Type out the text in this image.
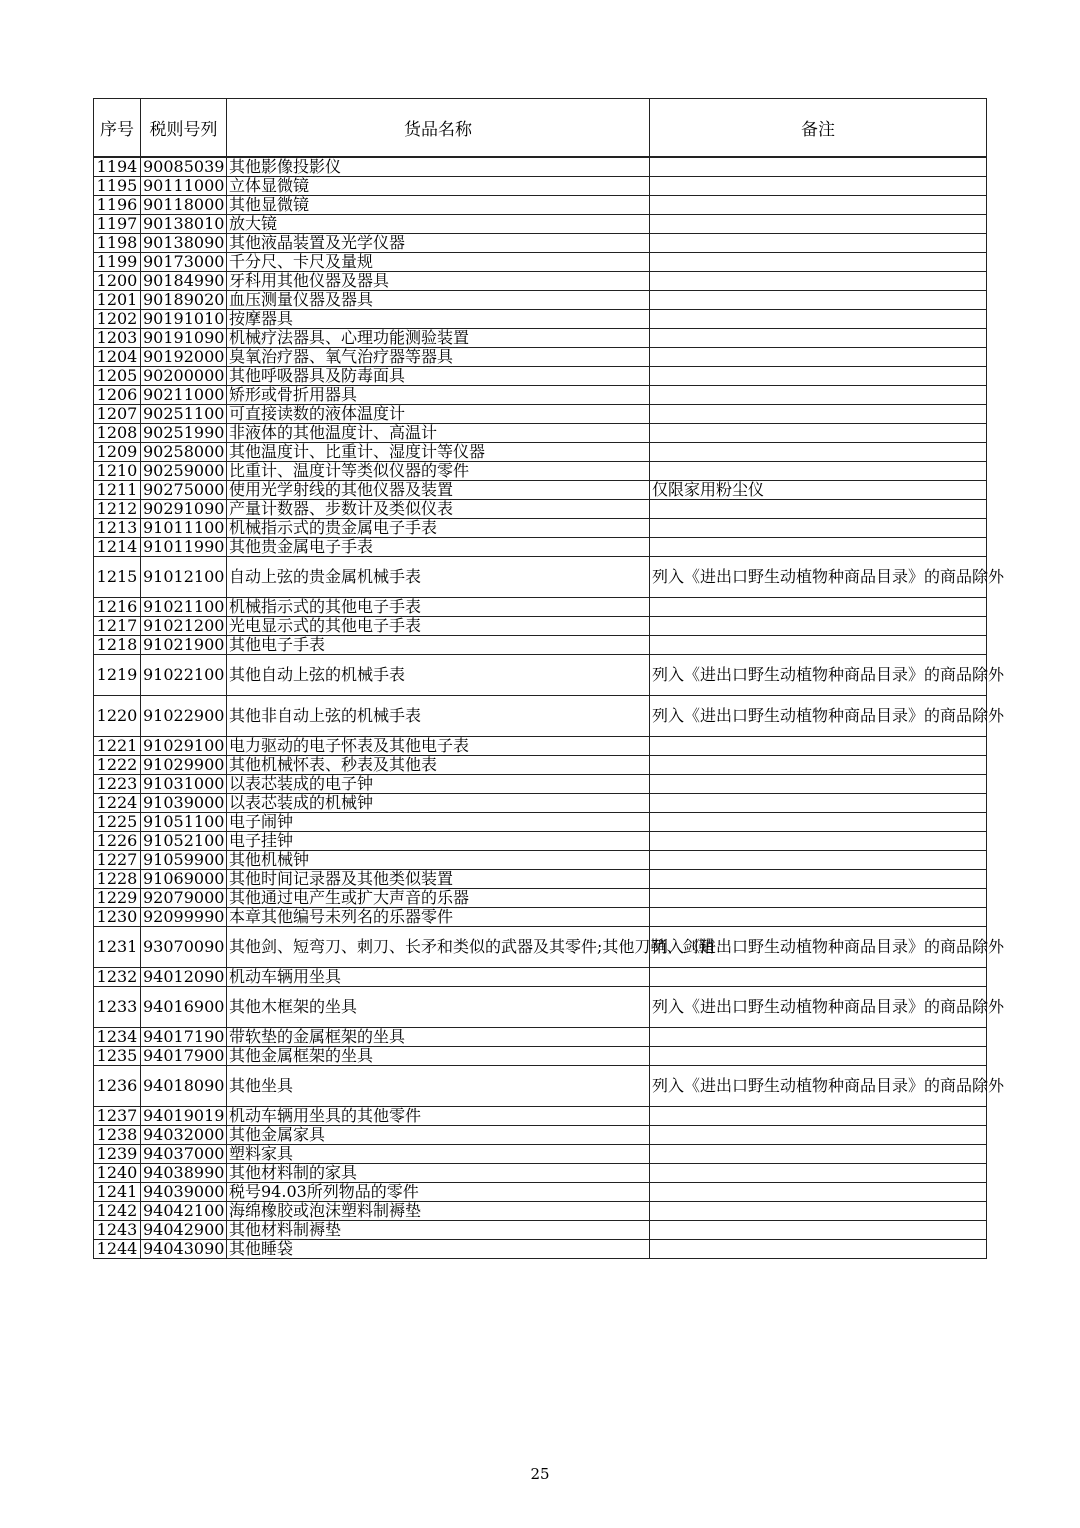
序号	税则号列	货品名称	备注
1194	90085039	其他影像投影仪	
1195	90111000	立体显微镜	
1196	90118000	其他显微镜	
1197	90138010	放大镜	
1198	90138090	其他液晶装置及光学仪器	
1199	90173000	千分尺、卡尺及量规	
1200	90184990	牙科用其他仪器及器具	
1201	90189020	血压测量仪器及器具	
1202	90191010	按摩器具	
1203	90191090	机械疗法器具、心理功能测验装置	
1204	90192000	臭氧治疗器、氧气治疗器等器具	
1205	90200000	其他呼吸器具及防毒面具	
1206	90211000	矫形或骨折用器具	
1207	90251100	可直接读数的液体温度计	
1208	90251990	非液体的其他温度计、高温计	
1209	90258000	其他温度计、比重计、湿度计等仪器	
1210	90259000	比重计、温度计等类似仪器的零件	
1211	90275000	使用光学射线的其他仪器及装置	仅限家用粉尘仪
1212	90291090	产量计数器、步数计及类似仪表	
1213	91011100	机械指示式的贵金属电子手表	
1214	91011990	其他贵金属电子手表	
1215	91012100	自动上弦的贵金属机械手表	列入《进出口野生动植物种商品目录》的商品除外
1216	91021100	机械指示式的其他电子手表	
1217	91021200	光电显示式的其他电子手表	
1218	91021900	其他电子手表	
1219	91022100	其他自动上弦的机械手表	列入《进出口野生动植物种商品目录》的商品除外
1220	91022900	其他非自动上弦的机械手表	列入《进出口野生动植物种商品目录》的商品除外
1221	91029100	电力驱动的电子怀表及其他电子表	
1222	91029900	其他机械怀表、秒表及其他表	
1223	91031000	以表芯装成的电子钟	
1224	91039000	以表芯装成的机械钟	
1225	91051100	电子闹钟	
1226	91052100	电子挂钟	
1227	91059900	其他机械钟	
1228	91069000	其他时间记录器及其他类似装置	
1229	92079000	其他通过电产生或扩大声音的乐器	
1230	92099990	本章其他编号未列名的乐器零件	
1231	93070090	其他剑、短弯刀、刺刀、长矛和类似的武器及其零件;其他刀鞘、剑鞘	列入《进出口野生动植物种商品目录》的商品除外
1232	94012090	机动车辆用坐具	
1233	94016900	其他木框架的坐具	列入《进出口野生动植物种商品目录》的商品除外
1234	94017190	带软垫的金属框架的坐具	
1235	94017900	其他金属框架的坐具	
1236	94018090	其他坐具	列入《进出口野生动植物种商品目录》的商品除外
1237	94019019	机动车辆用坐具的其他零件	
1238	94032000	其他金属家具	
1239	94037000	塑料家具	
1240	94038990	其他材料制的家具	
1241	94039000	税号94.03所列物品的零件	
1242	94042100	海绵橡胶或泡沫塑料制褥垫	
1243	94042900	其他材料制褥垫	
1244	94043090	其他睡袋	
25
